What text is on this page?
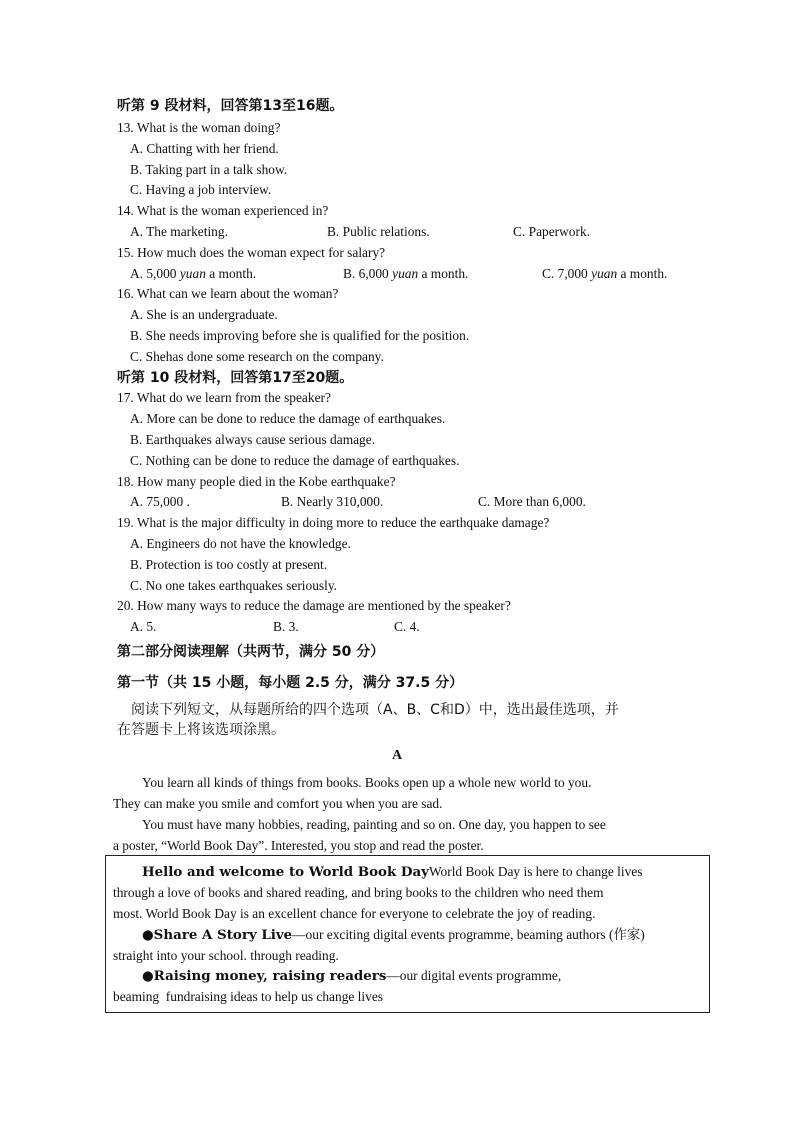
听第 9 段材料，回答第13至16题。
13. What is the woman doing?
A. Chatting with her friend.
B. Taking part in a talk show.
C. Having a job interview.
14. What is the woman experienced in?
A. The marketing.	B. Public relations.	C. Paperwork.
15. How much does the woman expect for salary?
A. 5,000 yuan a month.	B. 6,000 yuan a month.	C. 7,000 yuan a month.
16. What can we learn about the woman?
A. She is an undergraduate.
B. She needs improving before she is qualified for the position.
C. Shehas done some research on the company.
听第 10 段材料，回答第17至20题。
17. What do we learn from the speaker?
A. More can be done to reduce the damage of earthquakes.
B. Earthquakes always cause serious damage.
C. Nothing can be done to reduce the damage of earthquakes.
18. How many people died in the Kobe earthquake?
A. 75,000 .	B. Nearly 310,000.	C. More than 6,000.
19. What is the major difficulty in doing more to reduce the earthquake damage?
A. Engineers do not have the knowledge.
B. Protection is too costly at present.
C. No one takes earthquakes seriously.
20. How many ways to reduce the damage are mentioned by the speaker?
A. 5.	B. 3.	C. 4.
第二部分阅读理解（共两节，满分 50 分）
第一节（共 15 小题，每小题 2.5 分，满分 37.5 分）
阅读下列短文，从每题所给的四个选项（A、B、C和D）中，选出最佳选项，并
在答题卡上将该选项涂黑。
A
You learn all kinds of things from books. Books open up a whole new world to you.
They can make you smile and comfort you when you are sad.
You must have many hobbies, reading, painting and so on. One day, you happen to see
a poster, “World Book Day”. Interested, you stop and read the poster.
Hello and welcome to World Book DayWorld Book Day is here to change lives
through a love of books and shared reading, and bring books to the children who need them
most. World Book Day is an excellent chance for everyone to celebrate the joy of reading.
●Share A Story Live—our exciting digital events programme, beaming authors (作家)
straight into your school. through reading.
●Raising money, raising readers—our digital events programme,
beaming  fundraising ideas to help us change lives
